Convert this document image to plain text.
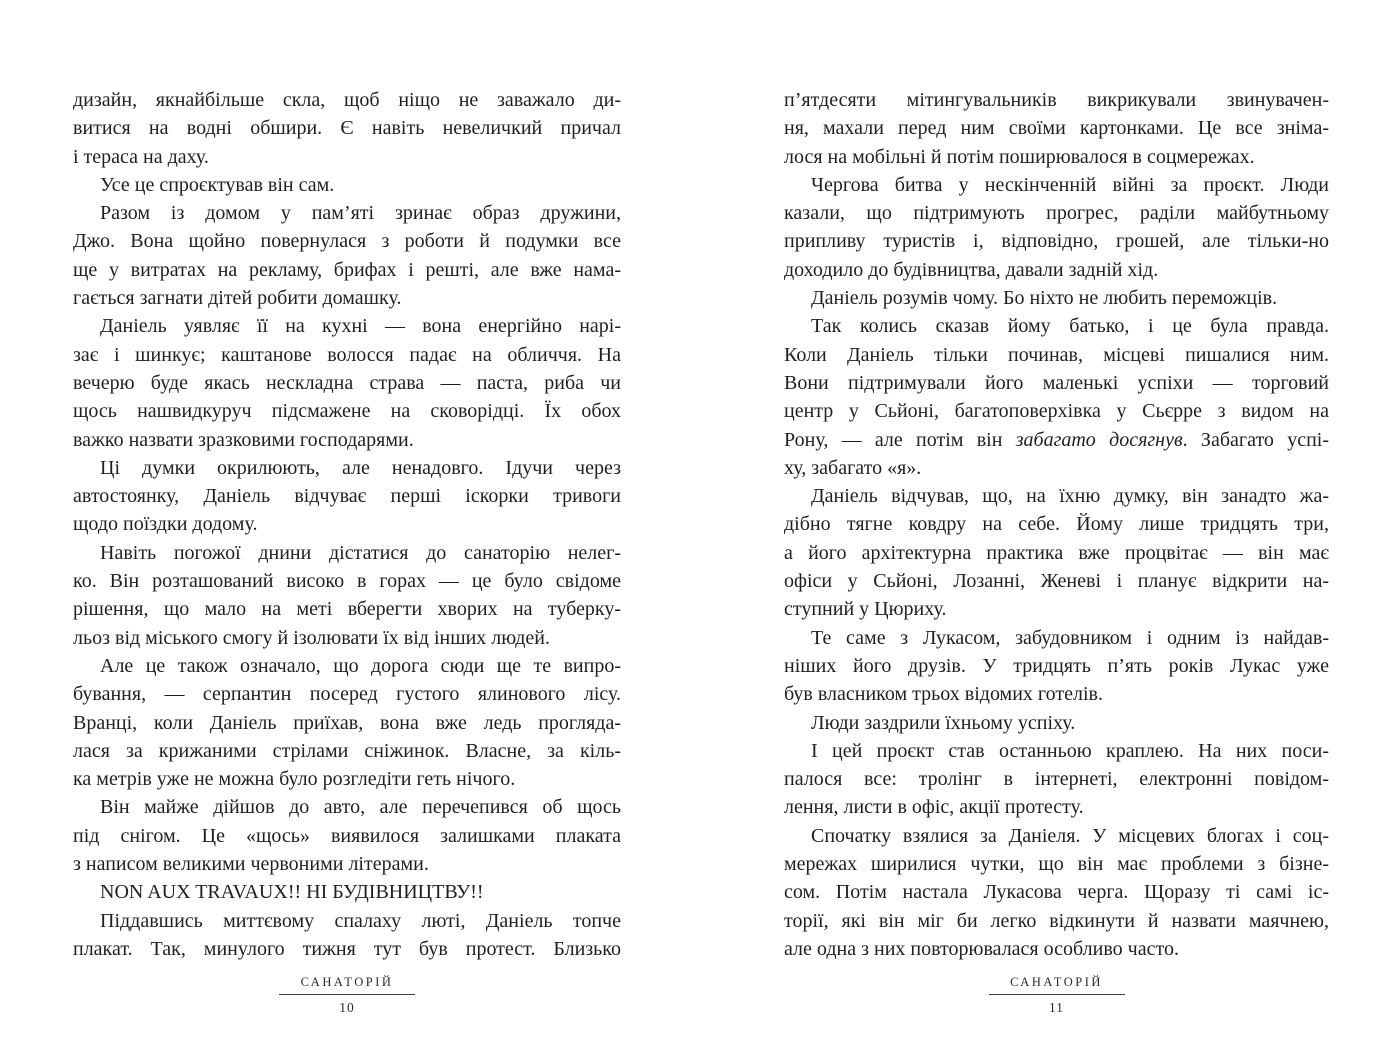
дизайн, якнайбільше скла, щоб ніщо не заважало ди-
витися на водні обшири. Є навіть невеличкий причал
і тераса на даху.
Усе це спроєктував він сам.
Разом із домом у пам’яті зринає образ дружини,
Джо. Вона щойно повернулася з роботи й подумки все
ще у витратах на рекламу, брифах і решті, але вже нама-
гається загнати дітей робити домашку.
Даніель уявляє її на кухні — вона енергійно нарі-
зає і шинкує; каштанове волосся падає на обличчя. На
вечерю буде якась нескладна страва — паста, риба чи
щось нашвидкуруч підсмажене на сковорідці. Їх обох
важко назвати зразковими господарями.
Ці думки окрилюють, але ненадовго. Ідучи через
автостоянку, Даніель відчуває перші іскорки тривоги
щодо поїздки додому.
Навіть погожої днини дістатися до санаторію нелег-
ко. Він розташований високо в горах — це було свідоме
рішення, що мало на меті вберегти хворих на туберку-
льоз від міського смогу й ізолювати їх від інших людей.
Але це також означало, що дорога сюди ще те випро-
бування, — серпантин посеред густого ялинового лісу.
Вранці, коли Даніель приїхав, вона вже ледь прогляда-
лася за крижаними стрілами сніжинок. Власне, за кіль-
ка метрів уже не можна було розгледіти геть нічого.
Він майже дійшов до авто, але перечепився об щось
під снігом. Це «щось» виявилося залишками плаката
з написом великими червоними літерами.
NON AUX TRAVAUX!! НІ БУДІВНИЦТВУ!!
Піддавшись миттєвому спалаху люті, Даніель топче
плакат. Так, минулого тижня тут був протест. Близько
п’ятдесяти мітингувальників викрикували звинувачен-
ня, махали перед ним своїми картонками. Це все зніма-
лося на мобільні й потім поширювалося в соцмережах.
Чергова битва у нескінченній війні за проєкт. Люди
казали, що підтримують прогрес, раділи майбутньому
припливу туристів і, відповідно, грошей, але тільки-но
доходило до будівництва, давали задній хід.
Даніель розумів чому. Бо ніхто не любить переможців.
Так колись сказав йому батько, і це була правда.
Коли Даніель тільки починав, місцеві пишалися ним.
Вони підтримували його маленькі успіхи — торговий
центр у Сьйоні, багатоповерхівка у Сьєрре з видом на
Рону, — але потім він забагато досягнув. Забагато успі-
ху, забагато «я».
Даніель відчував, що, на їхню думку, він занадто жа-
дібно тягне ковдру на себе. Йому лише тридцять три,
а його архітектурна практика вже процвітає — він має
офіси у Сьйоні, Лозанні, Женеві і планує відкрити на-
ступний у Цюриху.
Те саме з Лукасом, забудовником і одним із найдав-
ніших його друзів. У тридцять п’ять років Лукас уже
був власником трьох відомих готелів.
Люди заздрили їхньому успіху.
І цей проєкт став останньою краплею. На них поси-
палося все: тролінг в інтернеті, електронні повідом-
лення, листи в офіс, акції протесту.
Спочатку взялися за Даніеля. У місцевих блогах і соц-
мережах ширилися чутки, що він має проблеми з бізне-
сом. Потім настала Лукасова черга. Щоразу ті самі іс-
торії, які він міг би легко відкинути й назвати маячнею,
але одна з них повторювалася особливо часто.
САНАТОРІЙ
10
САНАТОРІЙ
11
